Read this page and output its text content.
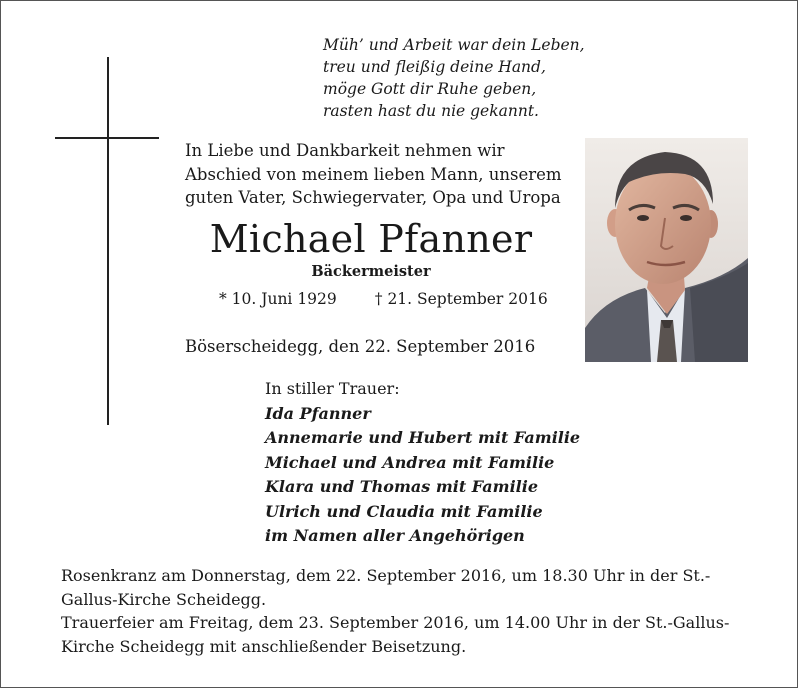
Müh’ und Arbeit war dein Leben,
treu und fleißig deine Hand,
möge Gott dir Ruhe geben,
rasten hast du nie gekannt.
In Liebe und Dankbarkeit nehmen wir
Abschied von meinem lieben Mann, unserem
guten Vater, Schwiegervater, Opa und Uropa
Michael Pfanner
Bäckermeister
* 10. Juni 1929 † 21. September 2016
Böserscheidegg, den 22. September 2016
In stiller Trauer:
Ida Pfanner
Annemarie und Hubert mit Familie
Michael und Andrea mit Familie
Klara und Thomas mit Familie
Ulrich und Claudia mit Familie
im Namen aller Angehörigen

Rosenkranz am Donnerstag, dem 22. September 2016, um 18.30 Uhr in der St.-

Gallus-Kirche Scheidegg.

Trauerfeier am Freitag, dem 23. September 2016, um 14.00 Uhr in der St.-Gallus-

Kirche Scheidegg mit anschließender Beisetzung.
